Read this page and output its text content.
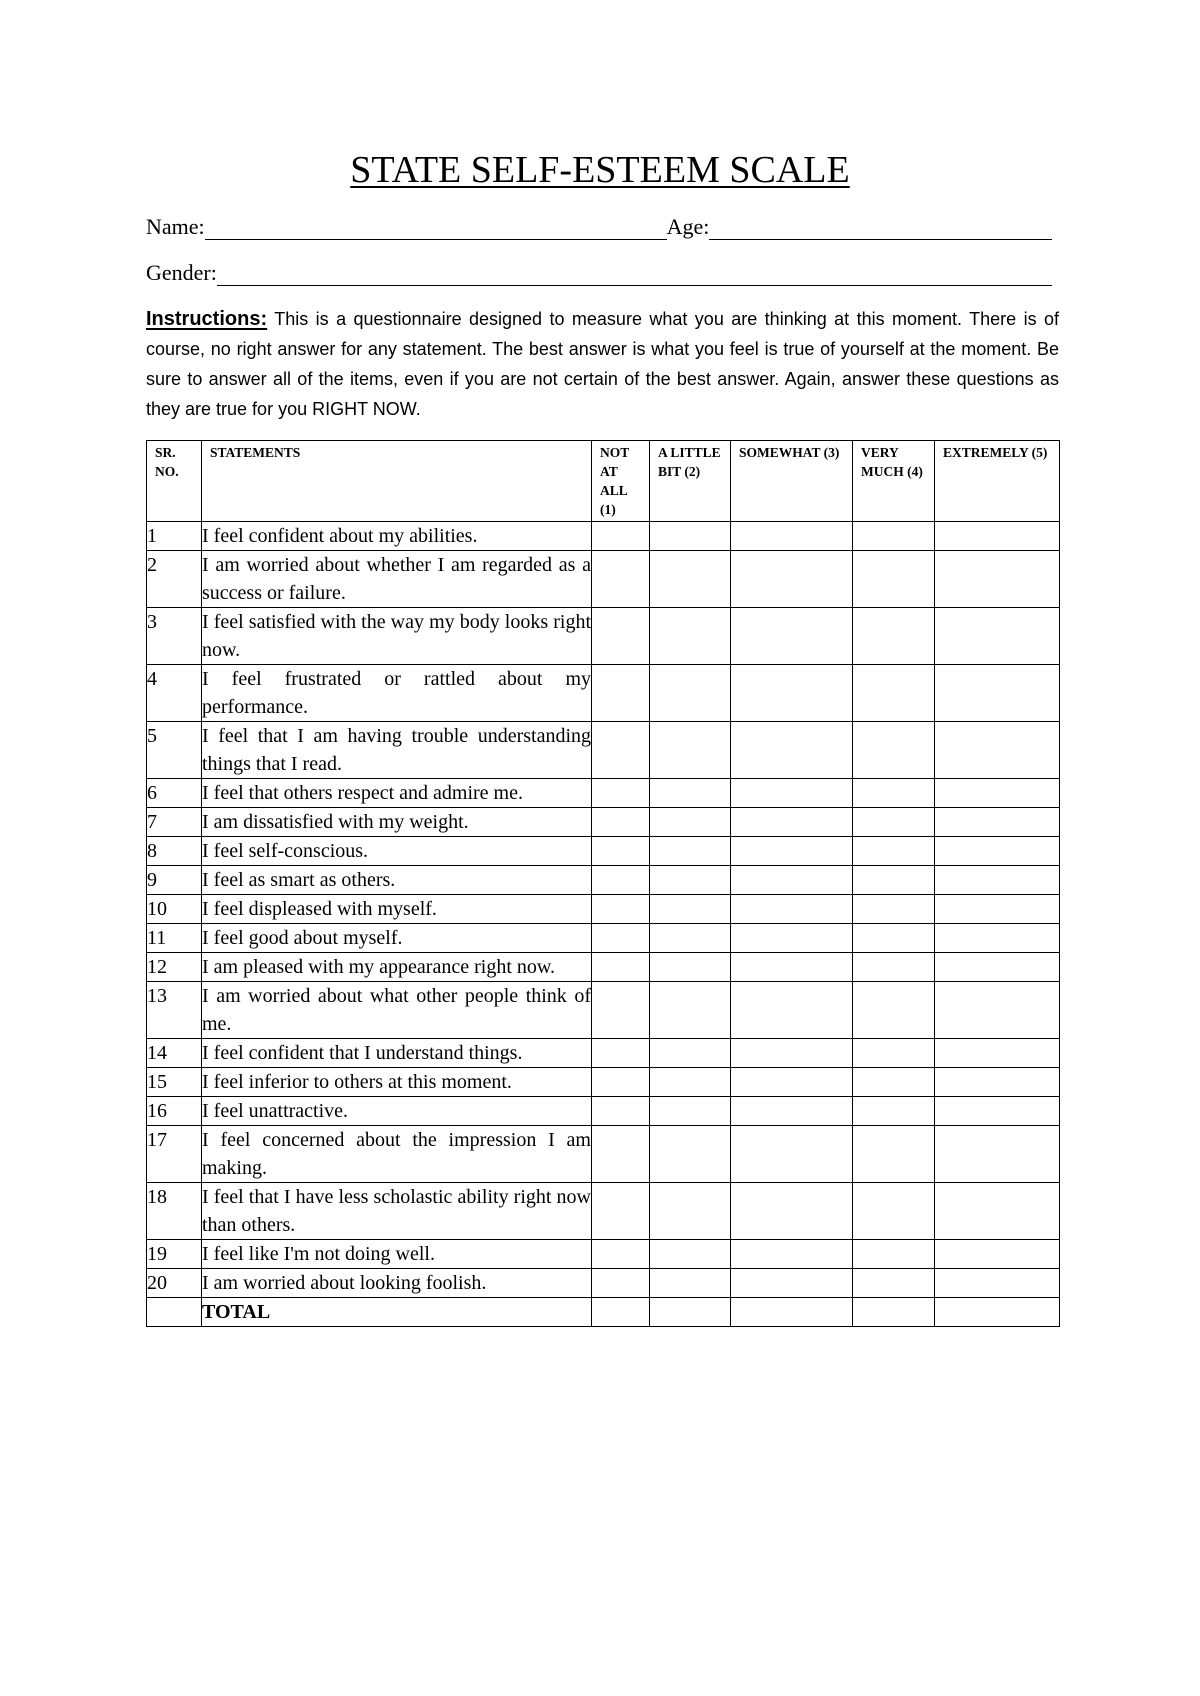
STATE SELF-ESTEEM SCALE
Name:	Age:
Gender:
Instructions: This is a questionnaire designed to measure what you are thinking at this moment. There is of course, no right answer for any statement. The best answer is what you feel is true of yourself at the moment. Be sure to answer all of the items, even if you are not certain of the best answer. Again, answer these questions as they are true for you RIGHT NOW.
SR. NO.	STATEMENTS	NOT AT ALL (1)	A LITTLE BIT (2)	SOMEWHAT (3)	VERY MUCH (4)	EXTREMELY (5)
1	I feel confident about my abilities.					
2	I am worried about whether I am regarded as a success or failure.					
3	I feel satisfied with the way my body looks right now.					
4	I feel frustrated or rattled about my performance.					
5	I feel that I am having trouble understanding things that I read.					
6	I feel that others respect and admire me.					
7	I am dissatisfied with my weight.					
8	I feel self-conscious.					
9	I feel as smart as others.					
10	I feel displeased with myself.					
11	I feel good about myself.					
12	I am pleased with my appearance right now.					
13	I am worried about what other people think of me.					
14	I feel confident that I understand things.					
15	I feel inferior to others at this moment.					
16	I feel unattractive.					
17	I feel concerned about the impression I am making.					
18	I feel that I have less scholastic ability right now than others.					
19	I feel like I'm not doing well.					
20	I am worried about looking foolish.					
	TOTAL					
